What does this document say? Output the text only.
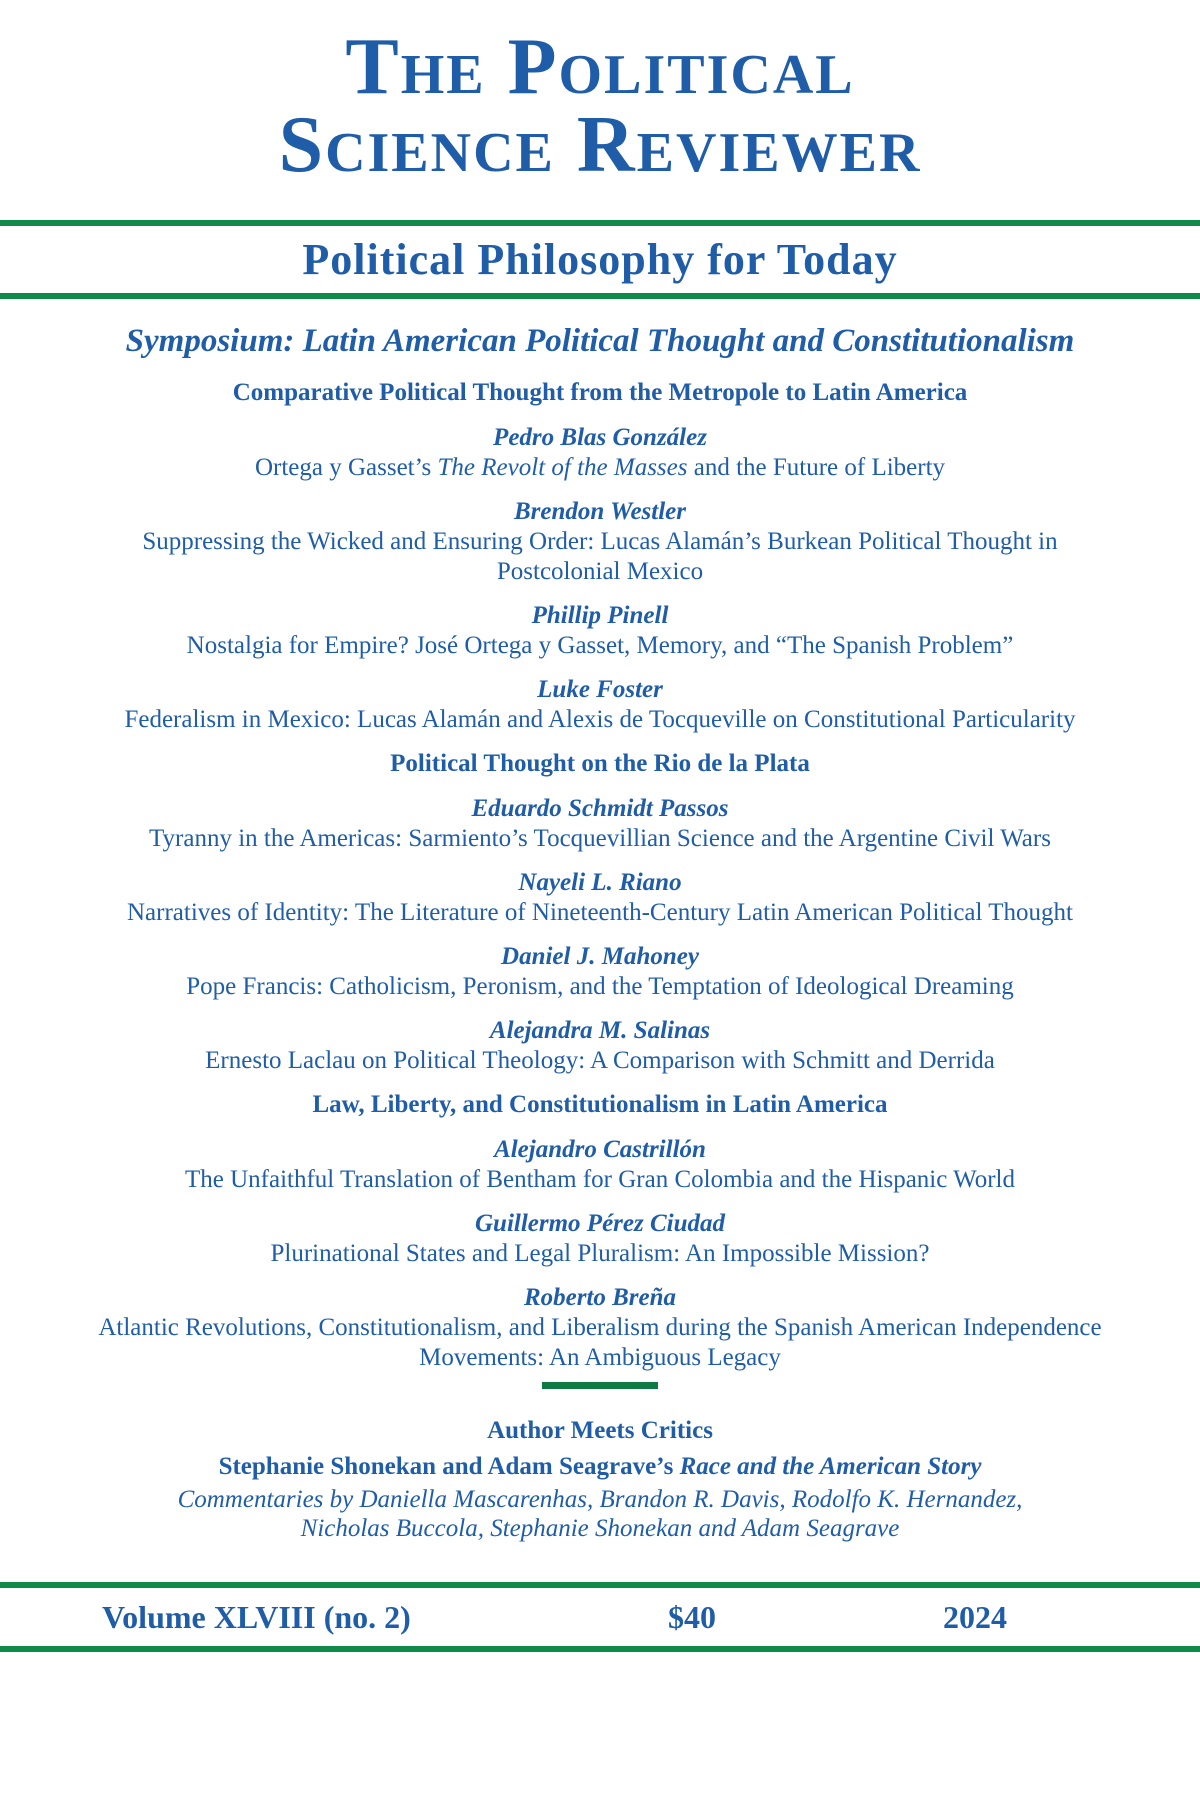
The Political
Science Reviewer
Political Philosophy for Today
Symposium: Latin American Political Thought and Constitutionalism
Comparative Political Thought from the Metropole to Latin America
Pedro Blas González
Ortega y Gasset’s The Revolt of the Masses and the Future of Liberty
Brendon Westler
Suppressing the Wicked and Ensuring Order: Lucas Alamán’s Burkean Political Thought in Postcolonial Mexico
Phillip Pinell
Nostalgia for Empire? José Ortega y Gasset, Memory, and “The Spanish Problem”
Luke Foster
Federalism in Mexico: Lucas Alamán and Alexis de Tocqueville on Constitutional Particularity
Political Thought on the Rio de la Plata
Eduardo Schmidt Passos
Tyranny in the Americas: Sarmiento’s Tocquevillian Science and the Argentine Civil Wars
Nayeli L. Riano
Narratives of Identity: The Literature of Nineteenth-Century Latin American Political Thought
Daniel J. Mahoney
Pope Francis: Catholicism, Peronism, and the Temptation of Ideological Dreaming
Alejandra M. Salinas
Ernesto Laclau on Political Theology: A Comparison with Schmitt and Derrida
Law, Liberty, and Constitutionalism in Latin America
Alejandro Castrillón
The Unfaithful Translation of Bentham for Gran Colombia and the Hispanic World
Guillermo Pérez Ciudad
Plurinational States and Legal Pluralism: An Impossible Mission?
Roberto Breña
Atlantic Revolutions, Constitutionalism, and Liberalism during the Spanish American Independence Movements: An Ambiguous Legacy
Author Meets Critics
Stephanie Shonekan and Adam Seagrave’s Race and the American Story
Commentaries by Daniella Mascarenhas, Brandon R. Davis, Rodolfo K. Hernandez, Nicholas Buccola, Stephanie Shonekan and Adam Seagrave
Volume XLVIII (no. 2)	$40	2024
